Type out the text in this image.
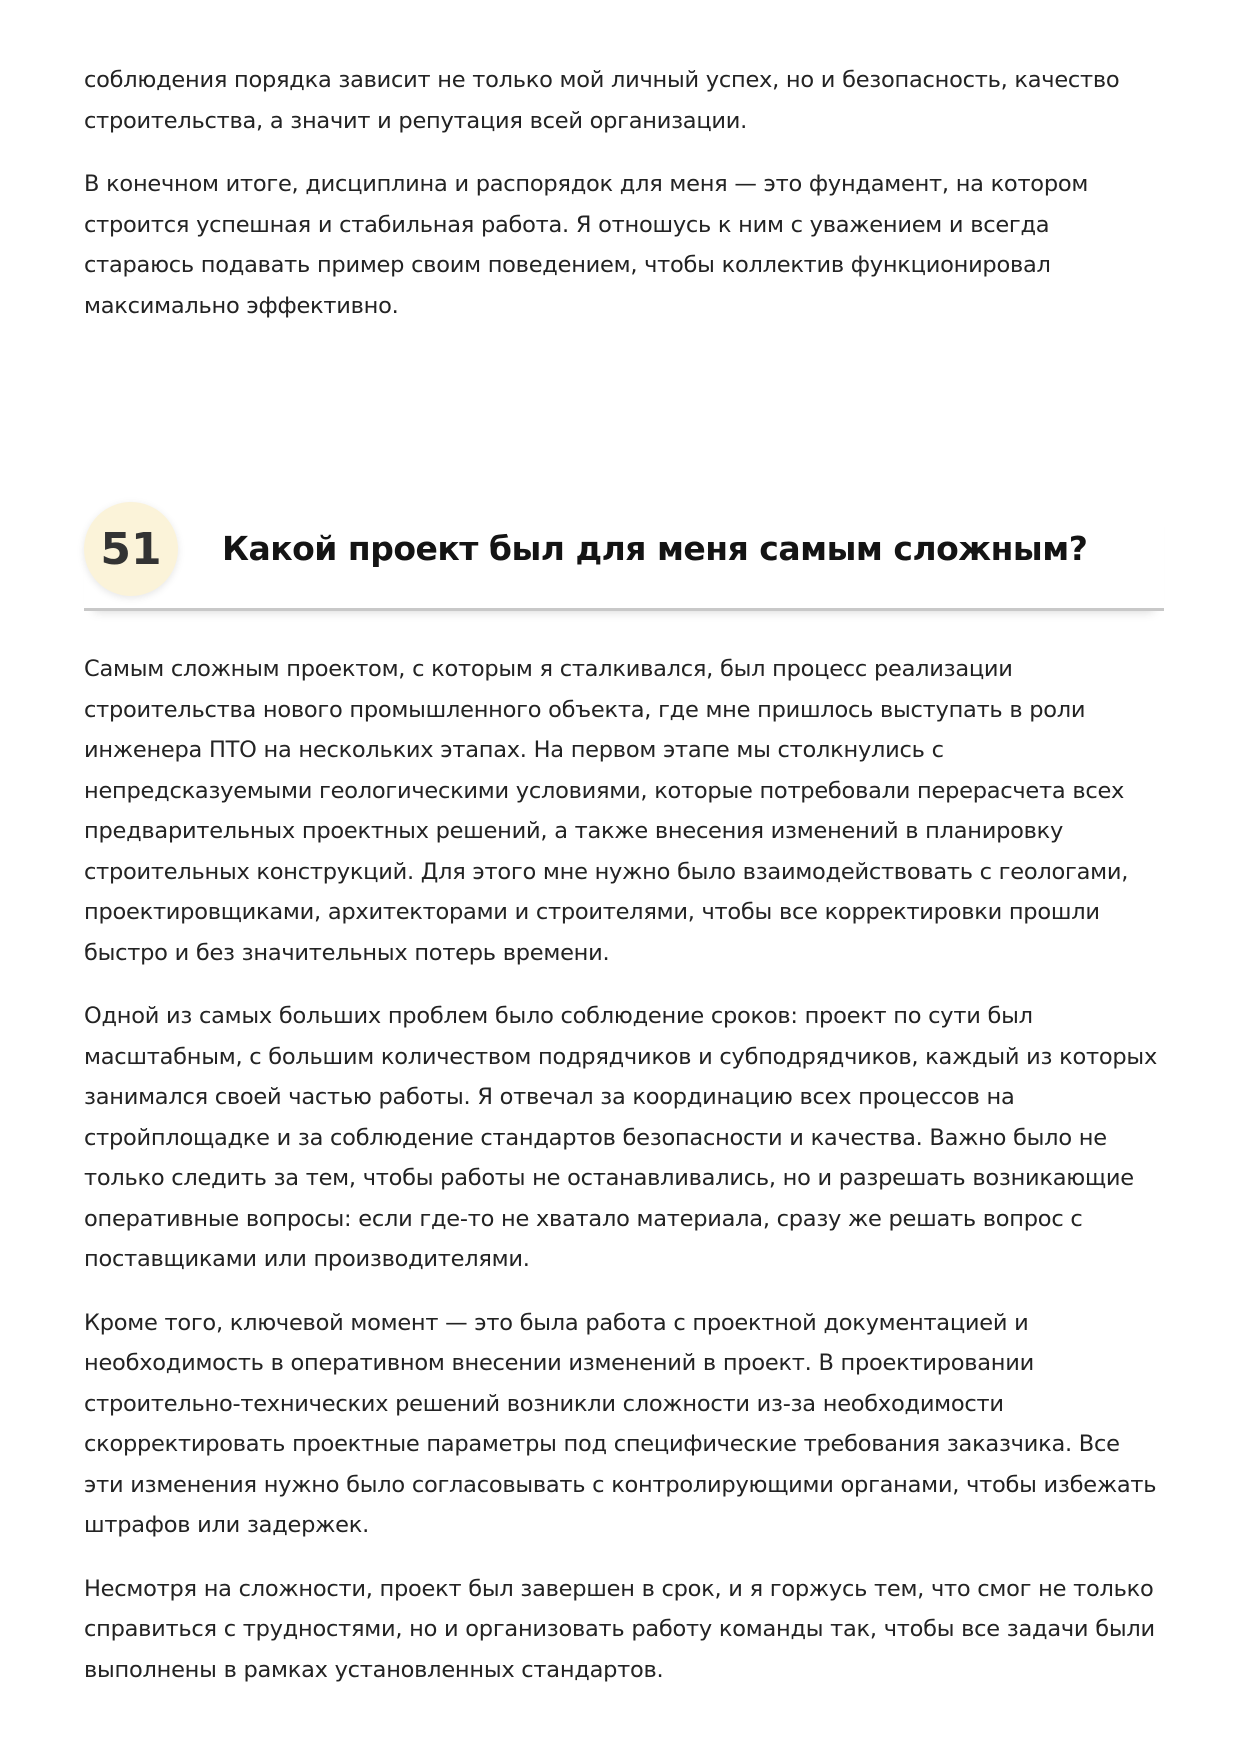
соблюдения порядка зависит не только мой личный успех, но и безопасность, качество строительства, а значит и репутация всей организации.

В конечном итоге, дисциплина и распорядок для меня — это фундамент, на котором строится успешная и стабильная работа. Я отношусь к ним с уважением и всегда стараюсь подавать пример своим поведением, чтобы коллектив функционировал максимально эффективно.

51	Какой проект был для меня самым сложным?

Самым сложным проектом, с которым я сталкивался, был процесс реализации строительства нового промышленного объекта, где мне пришлось выступать в роли инженера ПТО на нескольких этапах. На первом этапе мы столкнулись с непредсказуемыми геологическими условиями, которые потребовали перерасчета всех предварительных проектных решений, а также внесения изменений в планировку строительных конструкций. Для этого мне нужно было взаимодействовать с геологами, проектировщиками, архитекторами и строителями, чтобы все корректировки прошли быстро и без значительных потерь времени.

Одной из самых больших проблем было соблюдение сроков: проект по сути был масштабным, с большим количеством подрядчиков и субподрядчиков, каждый из которых занимался своей частью работы. Я отвечал за координацию всех процессов на стройплощадке и за соблюдение стандартов безопасности и качества. Важно было не только следить за тем, чтобы работы не останавливались, но и разрешать возникающие оперативные вопросы: если где-то не хватало материала, сразу же решать вопрос с поставщиками или производителями.

Кроме того, ключевой момент — это была работа с проектной документацией и необходимость в оперативном внесении изменений в проект. В проектировании строительно-технических решений возникли сложности из-за необходимости скорректировать проектные параметры под специфические требования заказчика. Все эти изменения нужно было согласовывать с контролирующими органами, чтобы избежать штрафов или задержек.

Несмотря на сложности, проект был завершен в срок, и я горжусь тем, что смог не только справиться с трудностями, но и организовать работу команды так, чтобы все задачи были выполнены в рамках установленных стандартов.
